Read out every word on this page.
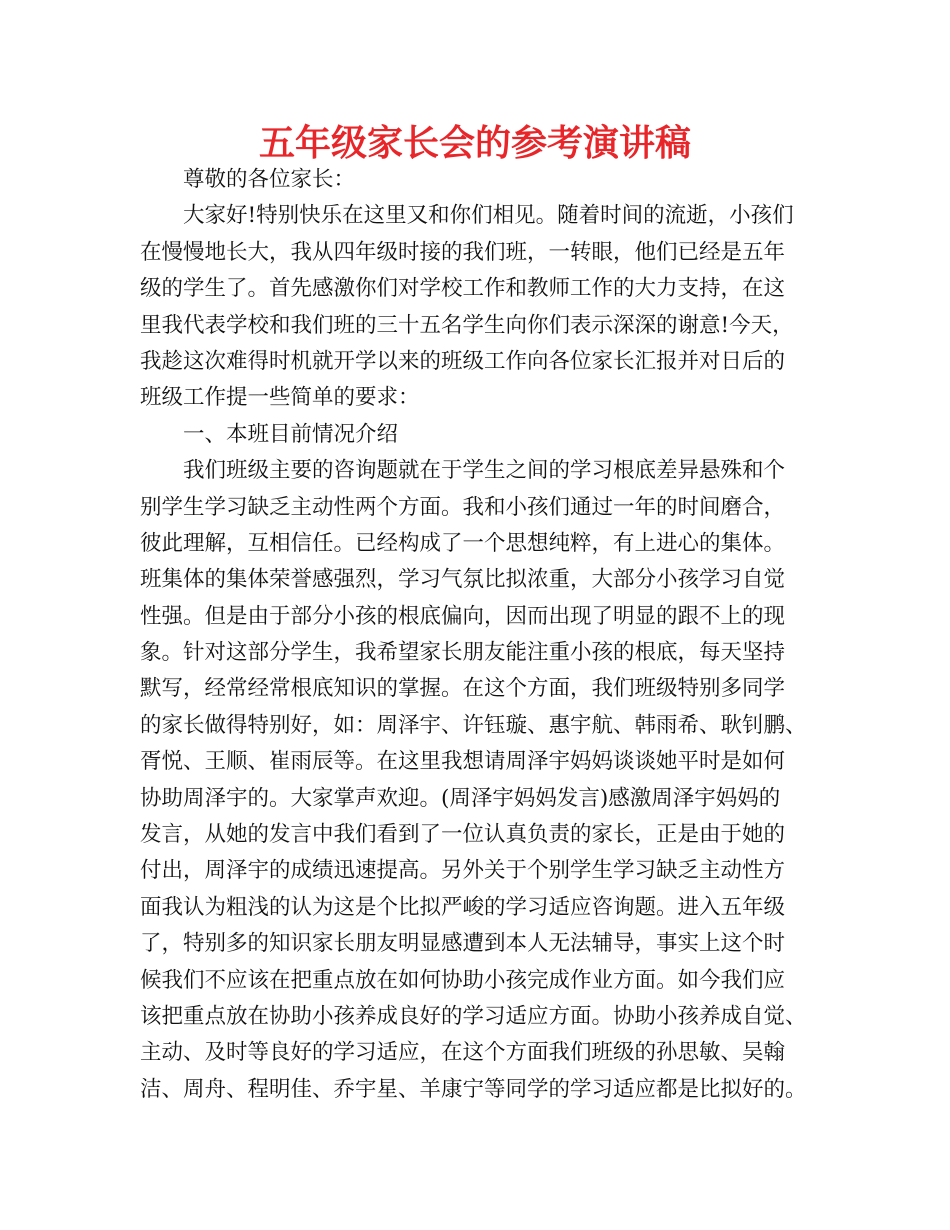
五年级家长会的参考演讲稿
尊敬的各位家长：
大家好!特别快乐在这里又和你们相见。随着时间的流逝，小孩们
在慢慢地长大，我从四年级时接的我们班，一转眼，他们已经是五年
级的学生了。首先感激你们对学校工作和教师工作的大力支持，在这
里我代表学校和我们班的三十五名学生向你们表示深深的谢意!今天，
我趁这次难得时机就开学以来的班级工作向各位家长汇报并对日后的
班级工作提一些简单的要求：
一、本班目前情况介绍
我们班级主要的咨询题就在于学生之间的学习根底差异悬殊和个
别学生学习缺乏主动性两个方面。我和小孩们通过一年的时间磨合，
彼此理解，互相信任。已经构成了一个思想纯粹，有上进心的集体。
班集体的集体荣誉感强烈，学习气氛比拟浓重，大部分小孩学习自觉
性强。但是由于部分小孩的根底偏向，因而出现了明显的跟不上的现
象。针对这部分学生，我希望家长朋友能注重小孩的根底，每天坚持
默写，经常经常根底知识的掌握。在这个方面，我们班级特别多同学
的家长做得特别好，如：周泽宇、许钰璇、惠宇航、韩雨希、耿钊鹏、
胥悦、王顺、崔雨辰等。在这里我想请周泽宇妈妈谈谈她平时是如何
协助周泽宇的。大家掌声欢迎。(周泽宇妈妈发言)感激周泽宇妈妈的
发言，从她的发言中我们看到了一位认真负责的家长，正是由于她的
付出，周泽宇的成绩迅速提高。另外关于个别学生学习缺乏主动性方
面我认为粗浅的认为这是个比拟严峻的学习适应咨询题。进入五年级
了，特别多的知识家长朋友明显感遭到本人无法辅导，事实上这个时
候我们不应该在把重点放在如何协助小孩完成作业方面。如今我们应
该把重点放在协助小孩养成良好的学习适应方面。协助小孩养成自觉、
主动、及时等良好的学习适应，在这个方面我们班级的孙思敏、吴翰
洁、周舟、程明佳、乔宇星、羊康宁等同学的学习适应都是比拟好的。
